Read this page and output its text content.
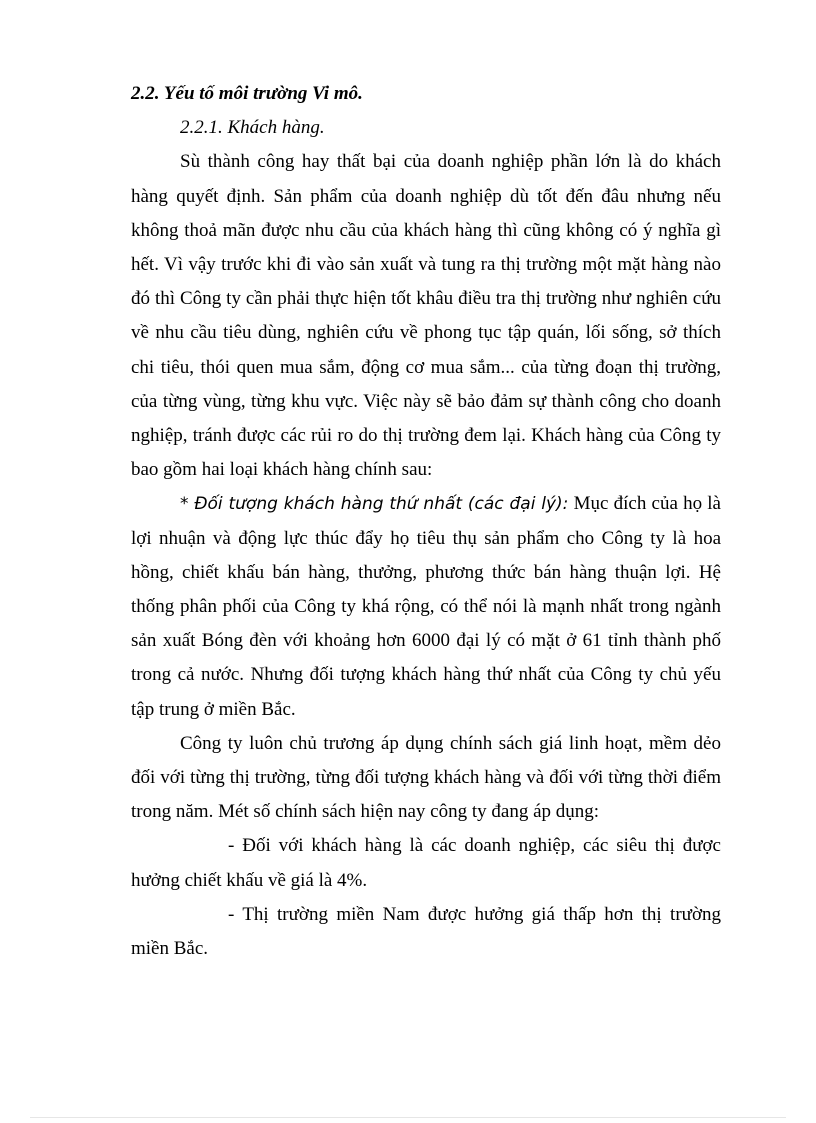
2.2. Yếu tố môi trường Vi mô.
2.2.1. Khách hàng.

Sù thành công hay thất bại của doanh nghiệp phần lớn là do khách hàng quyết định. Sản phẩm của doanh nghiệp dù tốt đến đâu nhưng nếu không thoả mãn được nhu cầu của khách hàng thì cũng không có ý nghĩa gì hết. Vì vậy trước khi đi vào sản xuất và tung ra thị trường một mặt hàng nào đó thì Công ty cần phải thực hiện tốt khâu điều tra thị trường như nghiên cứu về nhu cầu tiêu dùng, nghiên cứu về phong tục tập quán, lối sống, sở thích chi tiêu, thói quen mua sắm, động cơ mua sắm... của từng đoạn thị trường, của từng vùng, từng khu vực. Việc này sẽ bảo đảm sự thành công cho doanh nghiệp, tránh được các rủi ro do thị trường đem lại. Khách hàng của Công ty bao gồm hai loại khách hàng chính sau:

* Đối tượng khách hàng thứ nhất (các đại lý): Mục đích của họ là lợi nhuận và động lực thúc đẩy họ tiêu thụ sản phẩm cho Công ty là hoa hồng, chiết khấu bán hàng, thưởng, phương thức bán hàng thuận lợi. Hệ thống phân phối của Công ty khá rộng, có thể nói là mạnh nhất trong ngành sản xuất Bóng đèn với khoảng hơn 6000 đại lý có mặt ở 61 tỉnh thành phố trong cả nước. Nhưng đối tượng khách hàng thứ nhất của Công ty chủ yếu tập trung ở miền Bắc.

Công ty luôn chủ trương áp dụng chính sách giá linh hoạt, mềm dẻo đối với từng thị trường, từng đối tượng khách hàng và đối với từng thời điểm trong năm. Mét số chính sách hiện nay công ty đang áp dụng:

- Đối với khách hàng là các doanh nghiệp, các siêu thị được hưởng chiết khấu về giá là 4%.

- Thị trường miền Nam được hưởng giá thấp hơn thị trường miền Bắc.
